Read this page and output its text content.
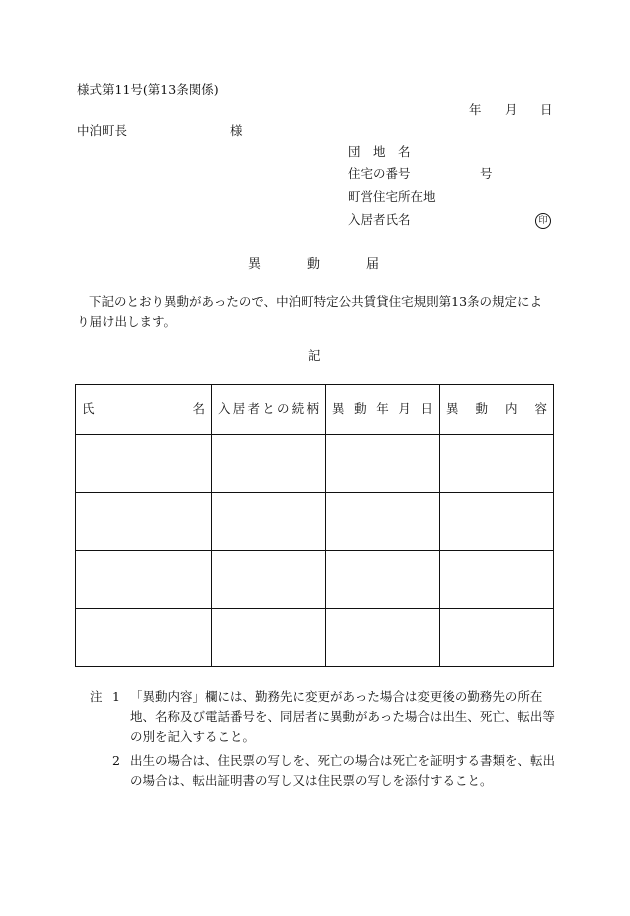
様式第11号(第13条関係)
年 月 日
中泊町長	様
団　地　名
住宅の番号	号
町営住宅所在地
入居者氏名	印
異	動	届
下記のとおり異動があったので、中泊町特定公共賃貸住宅規則第13条の規定により届け出します。
記
氏名	入居者との続柄	異動年月日	異動内容

注 1 「異動内容」欄には、勤務先に変更があった場合は変更後の勤務先の所在地、名称及び電話番号を、同居者に異動があった場合は出生、死亡、転出等の別を記入すること。
2 出生の場合は、住民票の写しを、死亡の場合は死亡を証明する書類を、転出の場合は、転出証明書の写し又は住民票の写しを添付すること。
